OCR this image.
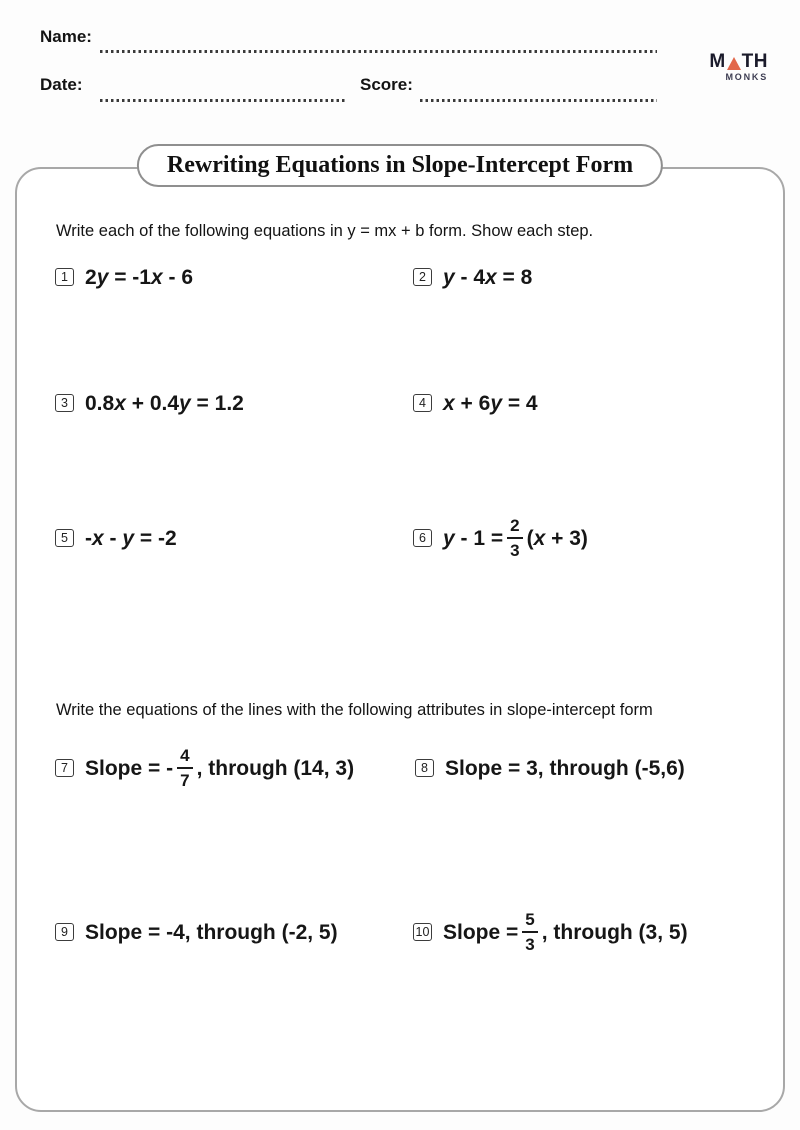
Name:
Date:	Score:
M TH
MONKS
Rewriting Equations in Slope-Intercept Form
Write each of the following equations in y = mx + b form. Show each step.
1 2y = -1x - 6	2 y - 4x = 8
3 0.8x + 0.4y = 1.2	4 x + 6y = 4
5 -x - y = -2	6 $y - 1 = \frac{2}{3} (x + 3)$
Write the equations of the lines with the following attributes in slope-intercept form
7 Slope = - $\frac{4}{7}$ , through (14, 3)	8 Slope = 3, through (-5,6)
9 Slope = -4, through (-2, 5)	10 Slope = $\frac{5}{3}$ , through (3, 5)
